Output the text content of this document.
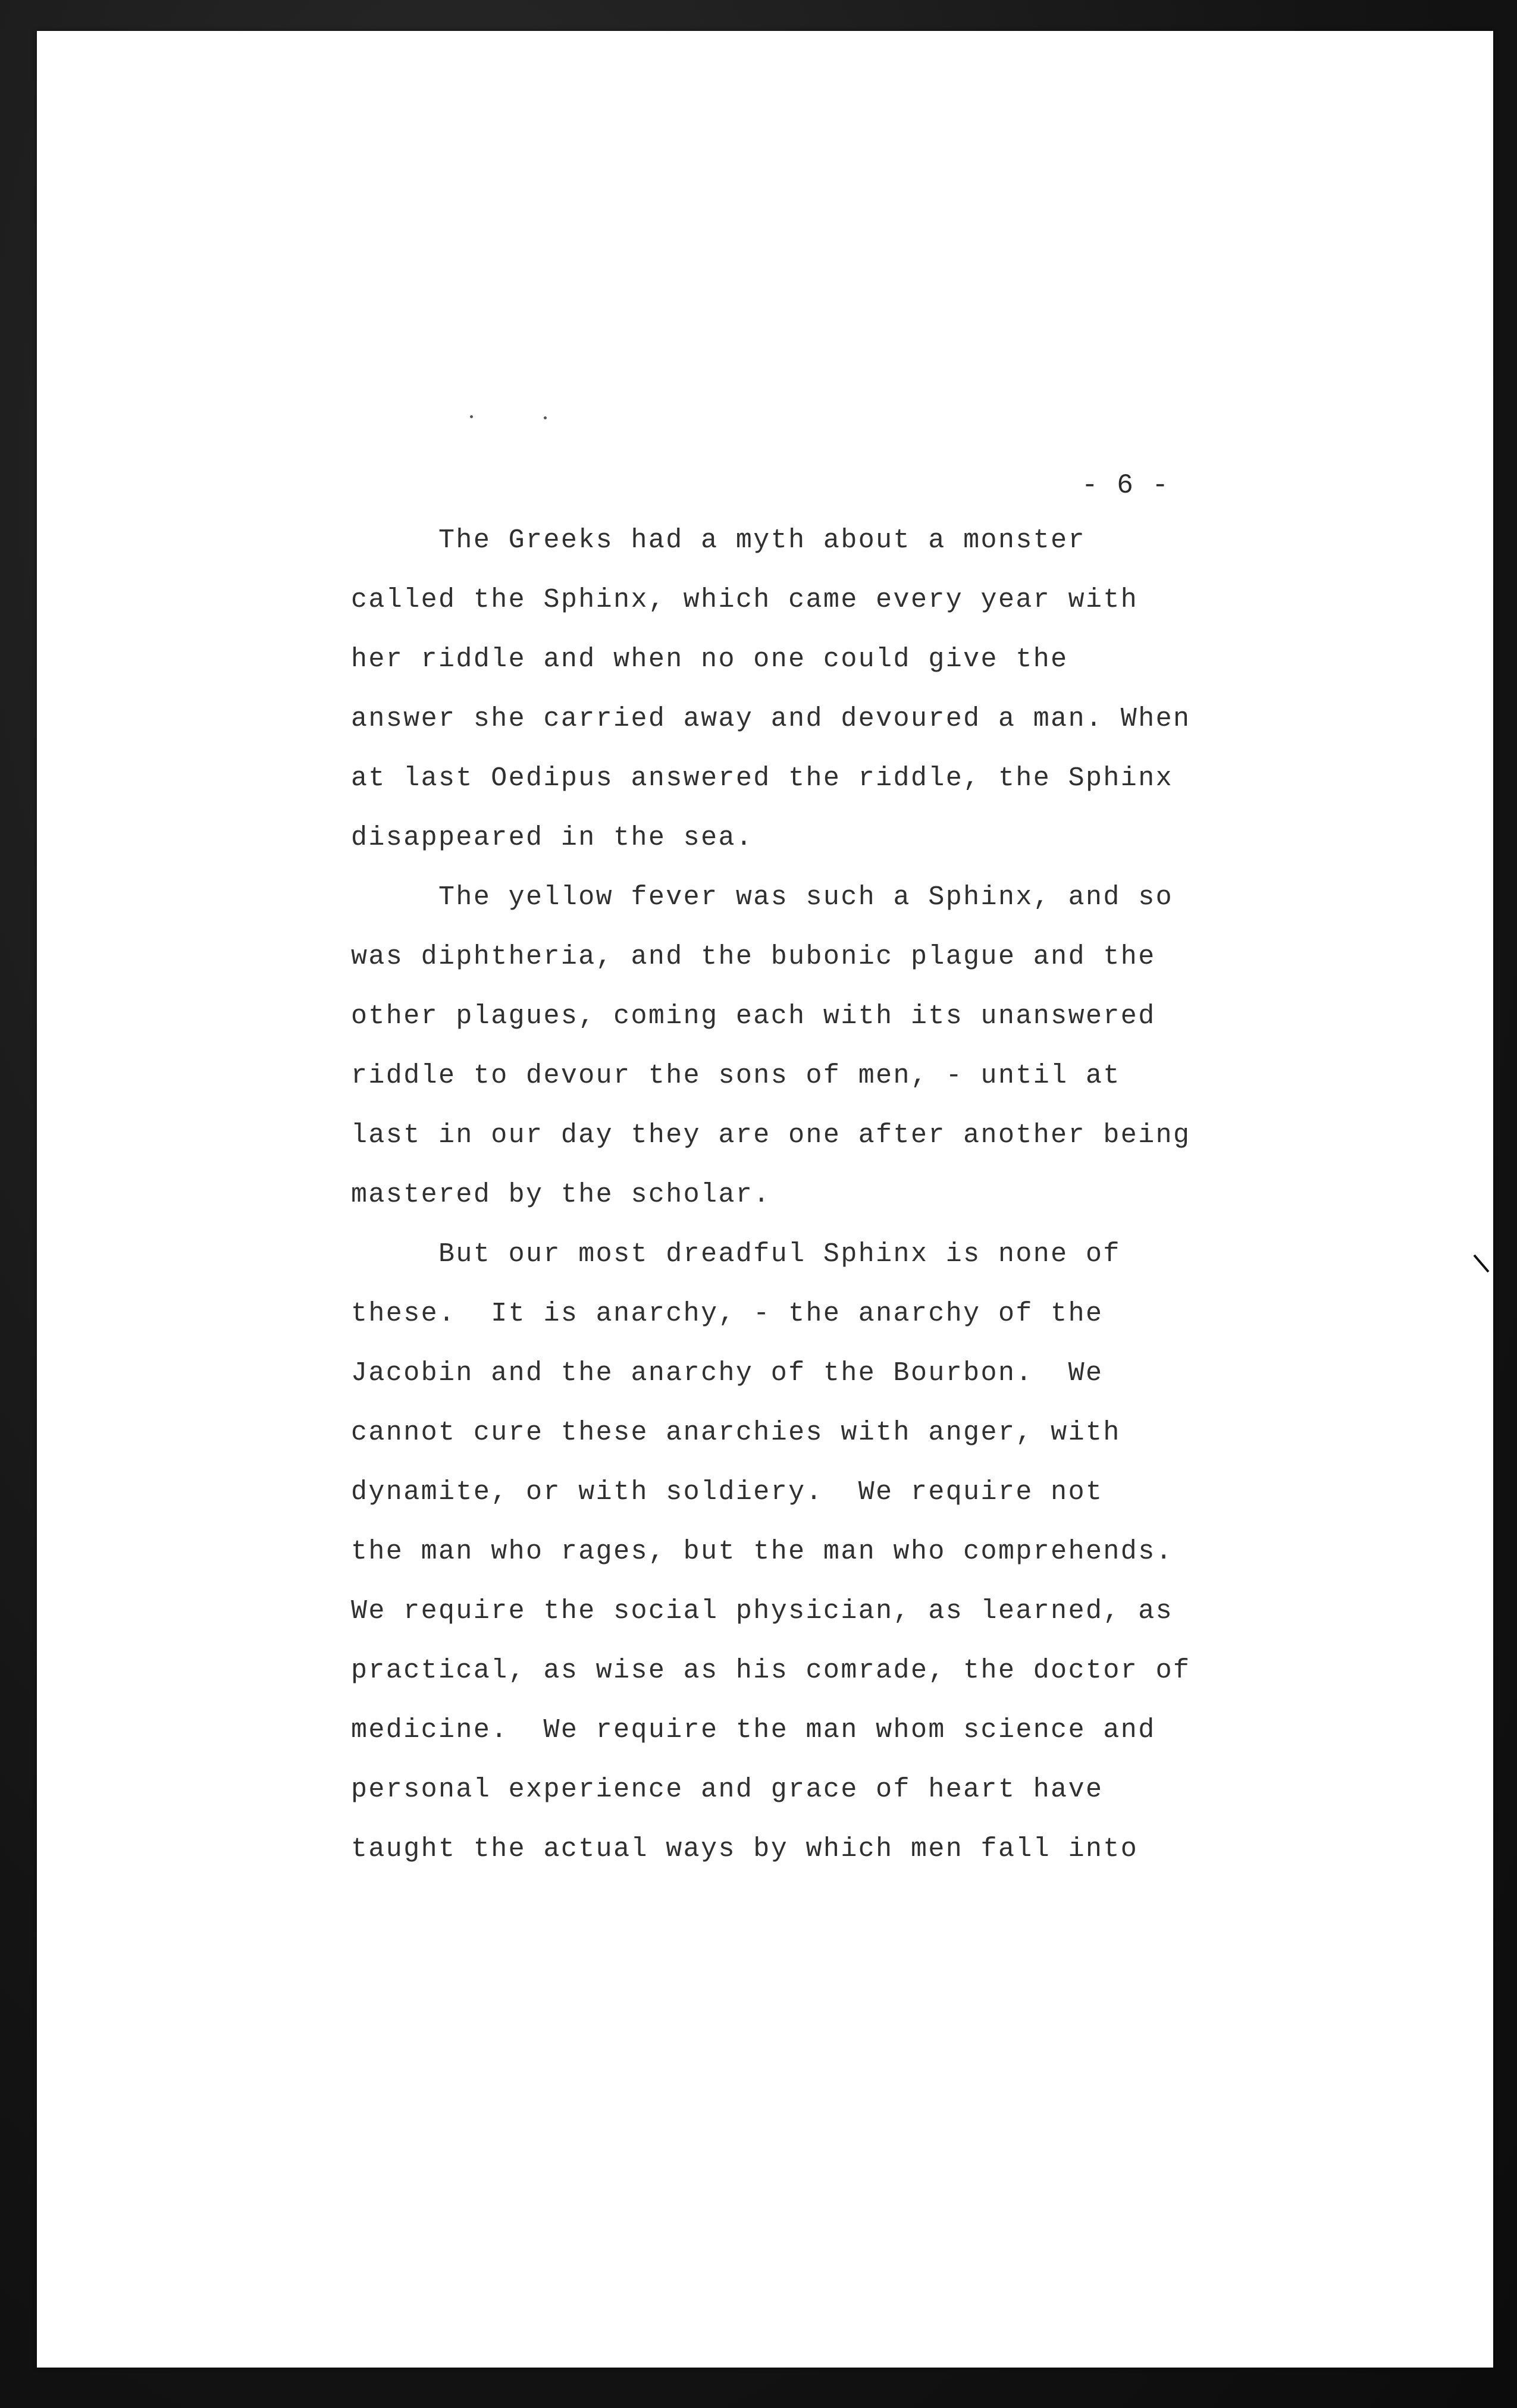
- 6 -
The Greeks had a myth about a monster
called the Sphinx, which came every year with
her riddle and when no one could give the
answer she carried away and devoured a man. When
at last Oedipus answered the riddle, the Sphinx
disappeared in the sea.
The yellow fever was such a Sphinx, and so
was diphtheria, and the bubonic plague and the
other plagues, coming each with its unanswered
riddle to devour the sons of men, - until at
last in our day they are one after another being
mastered by the scholar.
But our most dreadful Sphinx is none of
these.  It is anarchy, - the anarchy of the
Jacobin and the anarchy of the Bourbon.  We
cannot cure these anarchies with anger, with
dynamite, or with soldiery.  We require not
the man who rages, but the man who comprehends.
We require the social physician, as learned, as
practical, as wise as his comrade, the doctor of
medicine.  We require the man whom science and
personal experience and grace of heart have
taught the actual ways by which men fall into
